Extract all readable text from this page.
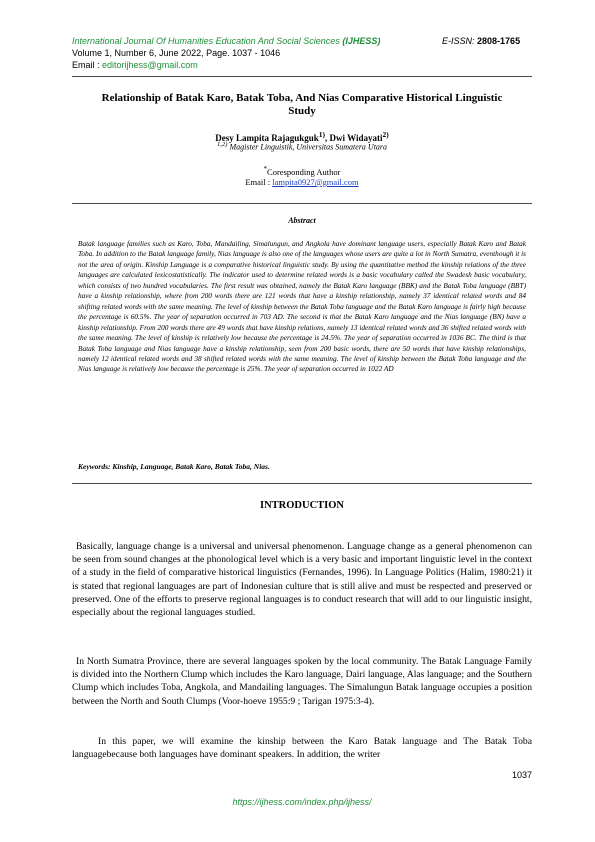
International Journal Of Humanities Education And Social Sciences (IJHESS)	E-ISSN: 2808-1765
Volume 1, Number 6, June 2022, Page. 1037 - 1046
Email : editorijhess@gmail.com
Relationship of Batak Karo, Batak Toba, And Nias Comparative Historical Linguistic
Study
Desy Lampita Rajagukguk$^{1)}$, Dwi Widayati$^{2)}$
$^{1,2)}$ Magister Linguistik, Universitas Sumatera Utara
*Coresponding Author
Email : lampita0927@gmail.com
Abstract
Batak language families such as Karo, Toba, Mandailing, Simalungun, and Angkola have dominant language users, especially Batak Karo and Batak Toba. In addition to the Batak language family, Nias language is also one of the languages whose users are quite a lot in North Sumatra, eventhough it is not the area of origin. Kinship Language is a comparative historical linguistic study. By using the quantitative method the kinship relations of the three languages are calculated lexicostatistically. The indicator used to determine related words is a basic vocabulary called the Swadesh basic vocabulary, which consists of two hundred vocabularies. The first result was obtained, namely the Batak Karo language (BBK) and the Batak Toba language (BBT) have a kinship relationship, where from 200 words there are 121 words that have a kinship relationship, namely 37 identical related words and 84 shifting related words with the same meaning. The level of kinship between the Batak Toba language and the Batak Karo language is fairly high because the percentage is 60.5%. The year of separation occurred in 703 AD. The second is that the Batak Karo language and the Nias language (BN) have a kinship relationship. From 200 words there are 49 words that have kinship relations, namely 13 identical related words and 36 shifted related words with the same meaning. The level of kinship is relatively low because the percentage is 24.5%. The year of separation occurred in 1036 BC. The third is that Batak Toba language and Nias language have a kinship relationship, seen from 200 basic words, there are 50 words that have kinship relationships, namely 12 identical related words and 38 shifted related words with the same meaning. The level of kinship between the Batak Toba language and the Nias language is relatively low because the percentage is 25%. The year of separation occurred in 1022 AD
Keywords: Kinship, Language, Batak Karo, Batak Toba, Nias.
INTRODUCTION
Basically, language change is a universal and universal phenomenon. Language change as a general phenomenon can be seen from sound changes at the phonological level which is a very basic and important linguistic level in the context of a study in the field of comparative historical linguistics (Fernandes, 1996). In Language Politics (Halim, 1980:21) it is stated that regional languages are part of Indonesian culture that is still alive and must be respected and preserved or preserved. One of the efforts to preserve regional languages is to conduct research that will add to our linguistic insight, especially about the regional languages studied.
In North Sumatra Province, there are several languages spoken by the local community. The Batak Language Family is divided into the Northern Clump which includes the Karo language, Dairi language, Alas language; and the Southern Clump which includes Toba, Angkola, and Mandailing languages. The Simalungun Batak language occupies a position between the North and South Clumps (Voor-hoeve 1955:9 ; Tarigan 1975:3-4).
In this paper, we will examine the kinship between the Karo Batak language and The Batak Toba languagebecause both languages have dominant speakers. In addition, the writer
1037
https://ijhess.com/index.php/ijhess/
